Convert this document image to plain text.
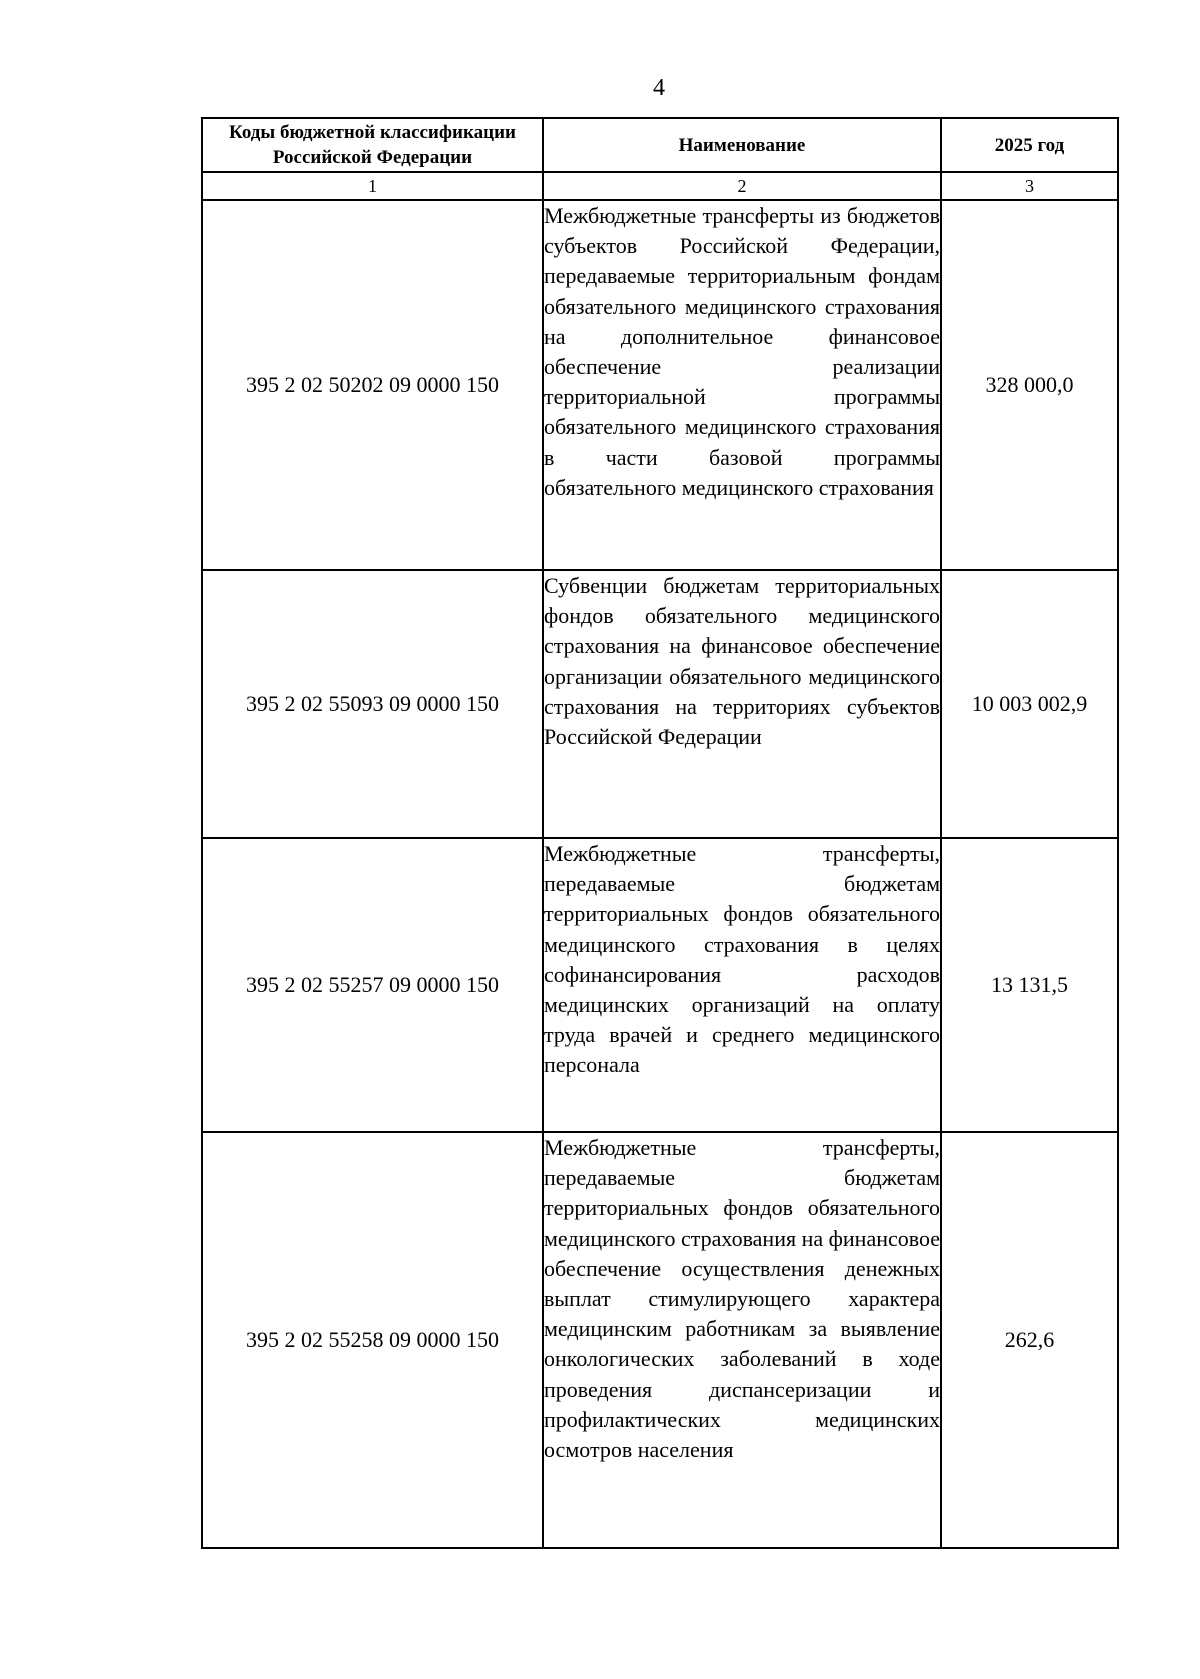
4
Коды бюджетной классификации Российской Федерации	Наименование	2025 год
1	2	3
395 2 02 50202 09 0000 150	Межбюджетные трансферты из бюджетов субъектов Российской Федерации, передаваемые территориальным фондам обязательного медицинского страхования на дополнительное финансовое обеспечение реализации территориальной программы обязательного медицинского страхования в части базовой программы обязательного медицинского страхования	328 000,0
395 2 02 55093 09 0000 150	Субвенции бюджетам территориальных фондов обязательного медицинского страхования на финансовое обеспечение организации обязательного медицинского страхования на территориях субъектов Российской Федерации	10 003 002,9
395 2 02 55257 09 0000 150	Межбюджетные трансферты, передаваемые бюджетам территориальных фондов обязательного медицинского страхования в целях софинансирования расходов медицинских организаций на оплату труда врачей и среднего медицинского персонала	13 131,5
395 2 02 55258 09 0000 150	Межбюджетные трансферты, передаваемые бюджетам территориальных фондов обязательного медицинского страхования на финансовое обеспечение осуществления денежных выплат стимулирующего характера медицинским работникам за выявление онкологических заболеваний в ходе проведения диспансеризации и профилактических медицинских осмотров населения	262,6
